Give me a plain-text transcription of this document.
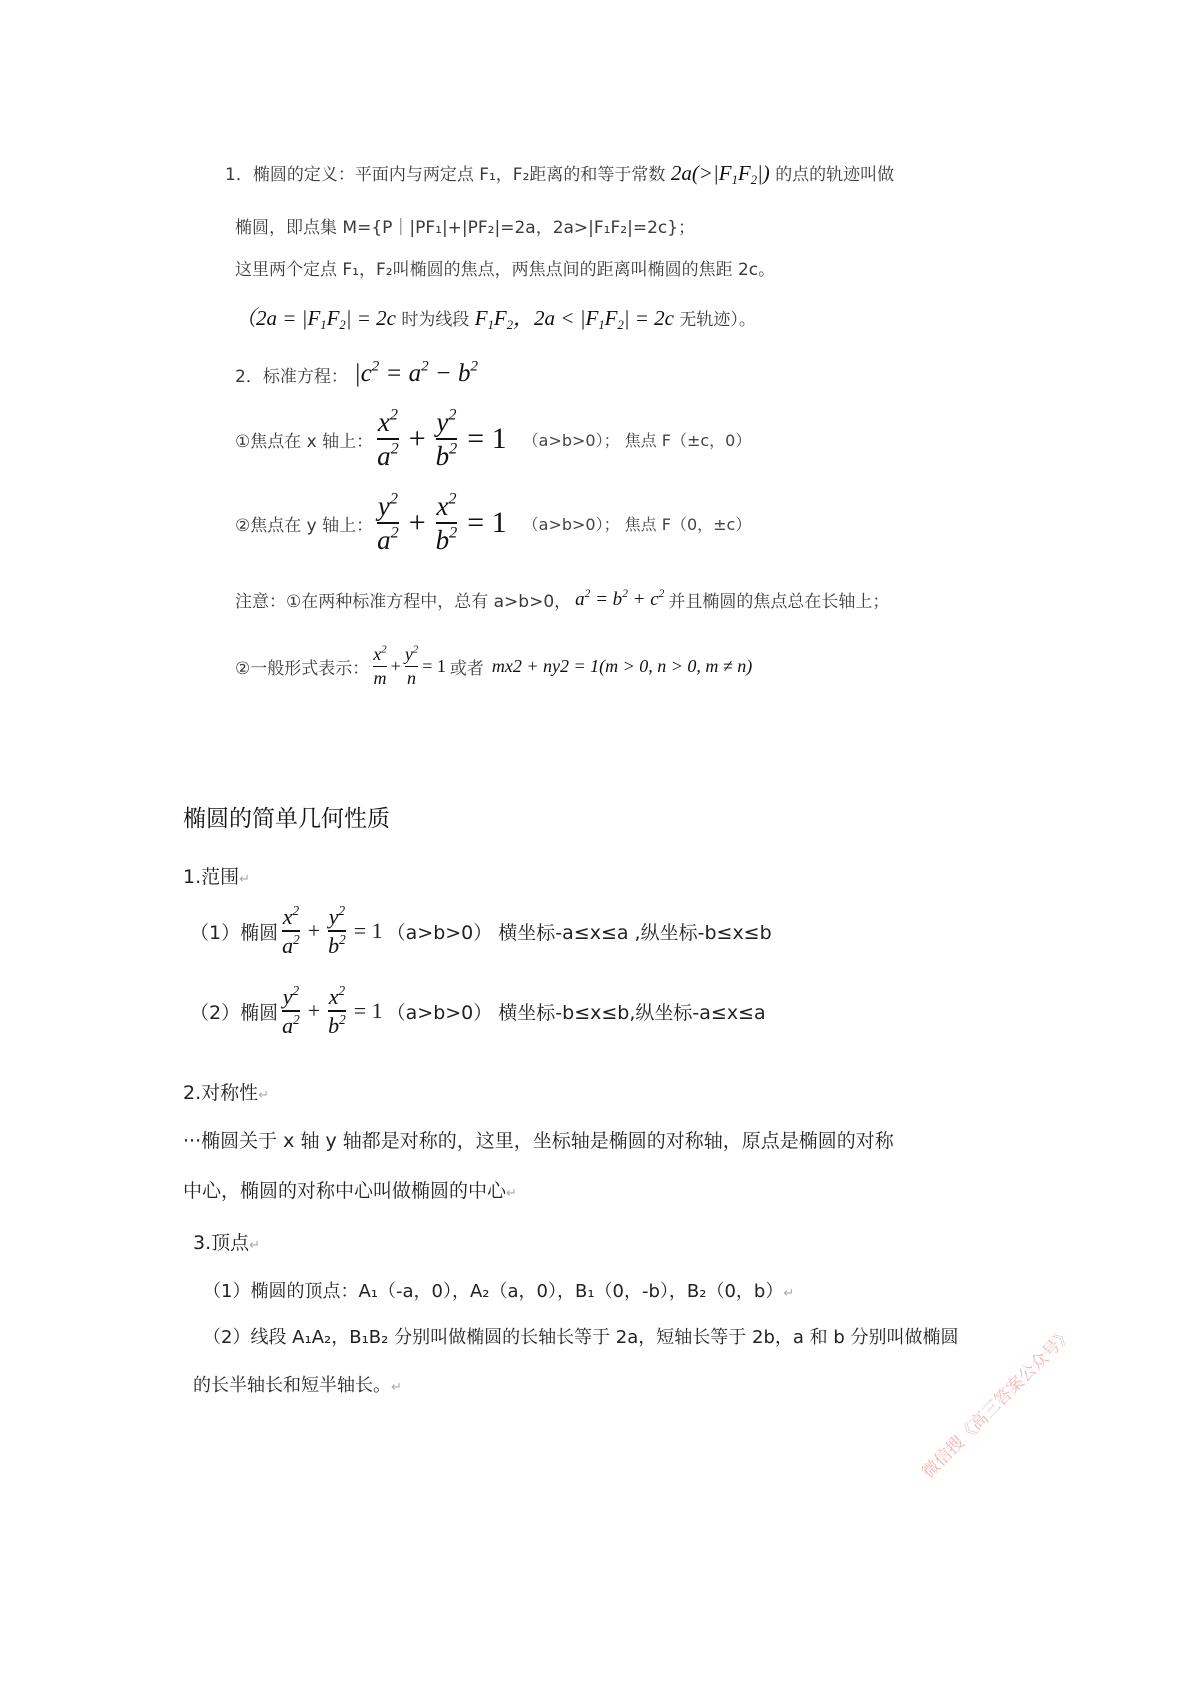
1．椭圆的定义：平面内与两定点 F₁，F₂距离的和等于常数 $2a(>|F_1F_2|)$ 的点的轨迹叫做
椭圆，即点集 M={P｜|PF₁|+|PF₂|=2a，2a>|F₁F₂|=2c}；
这里两个定点 F₁，F₂叫椭圆的焦点，两焦点间的距离叫椭圆的焦距 2c。
（$2a = |F_1F_2| = 2c$ 时为线段 $F_1F_2$，$2a < |F_1F_2| = 2c$ 无轨迹）。
2．标准方程： $|c^2 = a^2 - b^2$
①焦点在 x 轴上： $\frac{x^2}{a^2} + \frac{y^2}{b^2} = 1$ （a>b>0）； 焦点 F（±c，0）
②焦点在 y 轴上： $\frac{y^2}{a^2} + \frac{x^2}{b^2} = 1$ （a>b>0）； 焦点 F（0，±c）
注意：①在两种标准方程中，总有 a>b>0， $a^2 = b^2 + c^2$ 并且椭圆的焦点总在长轴上；
②一般形式表示： $\frac{x^2}{m} + \frac{y^2}{n} = 1$ 或者 mx2 + ny2 = 1(m > 0, n > 0, m ≠ n)
椭圆的简单几何性质
1.范围↵
（1）椭圆 $\frac{x^2}{a^2} + \frac{y^2}{b^2} = 1$ （a>b>0） 横坐标-a≤x≤a ,纵坐标-b≤x≤b
（2）椭圆 $\frac{y^2}{a^2} + \frac{x^2}{b^2} = 1$ （a>b>0） 横坐标-b≤x≤b,纵坐标-a≤x≤a
2.对称性↵
···椭圆关于 x 轴 y 轴都是对称的，这里，坐标轴是椭圆的对称轴，原点是椭圆的对称
中心，椭圆的对称中心叫做椭圆的中心↵
3.顶点↵
（1）椭圆的顶点：A₁（-a，0），A₂（a，0），B₁（0，-b），B₂（0，b）↵
（2）线段 A₁A₂，B₁B₂ 分别叫做椭圆的长轴长等于 2a，短轴长等于 2b，a 和 b 分别叫做椭圆
的长半轴长和短半轴长。↵	微信搜《高三答案公众号》
